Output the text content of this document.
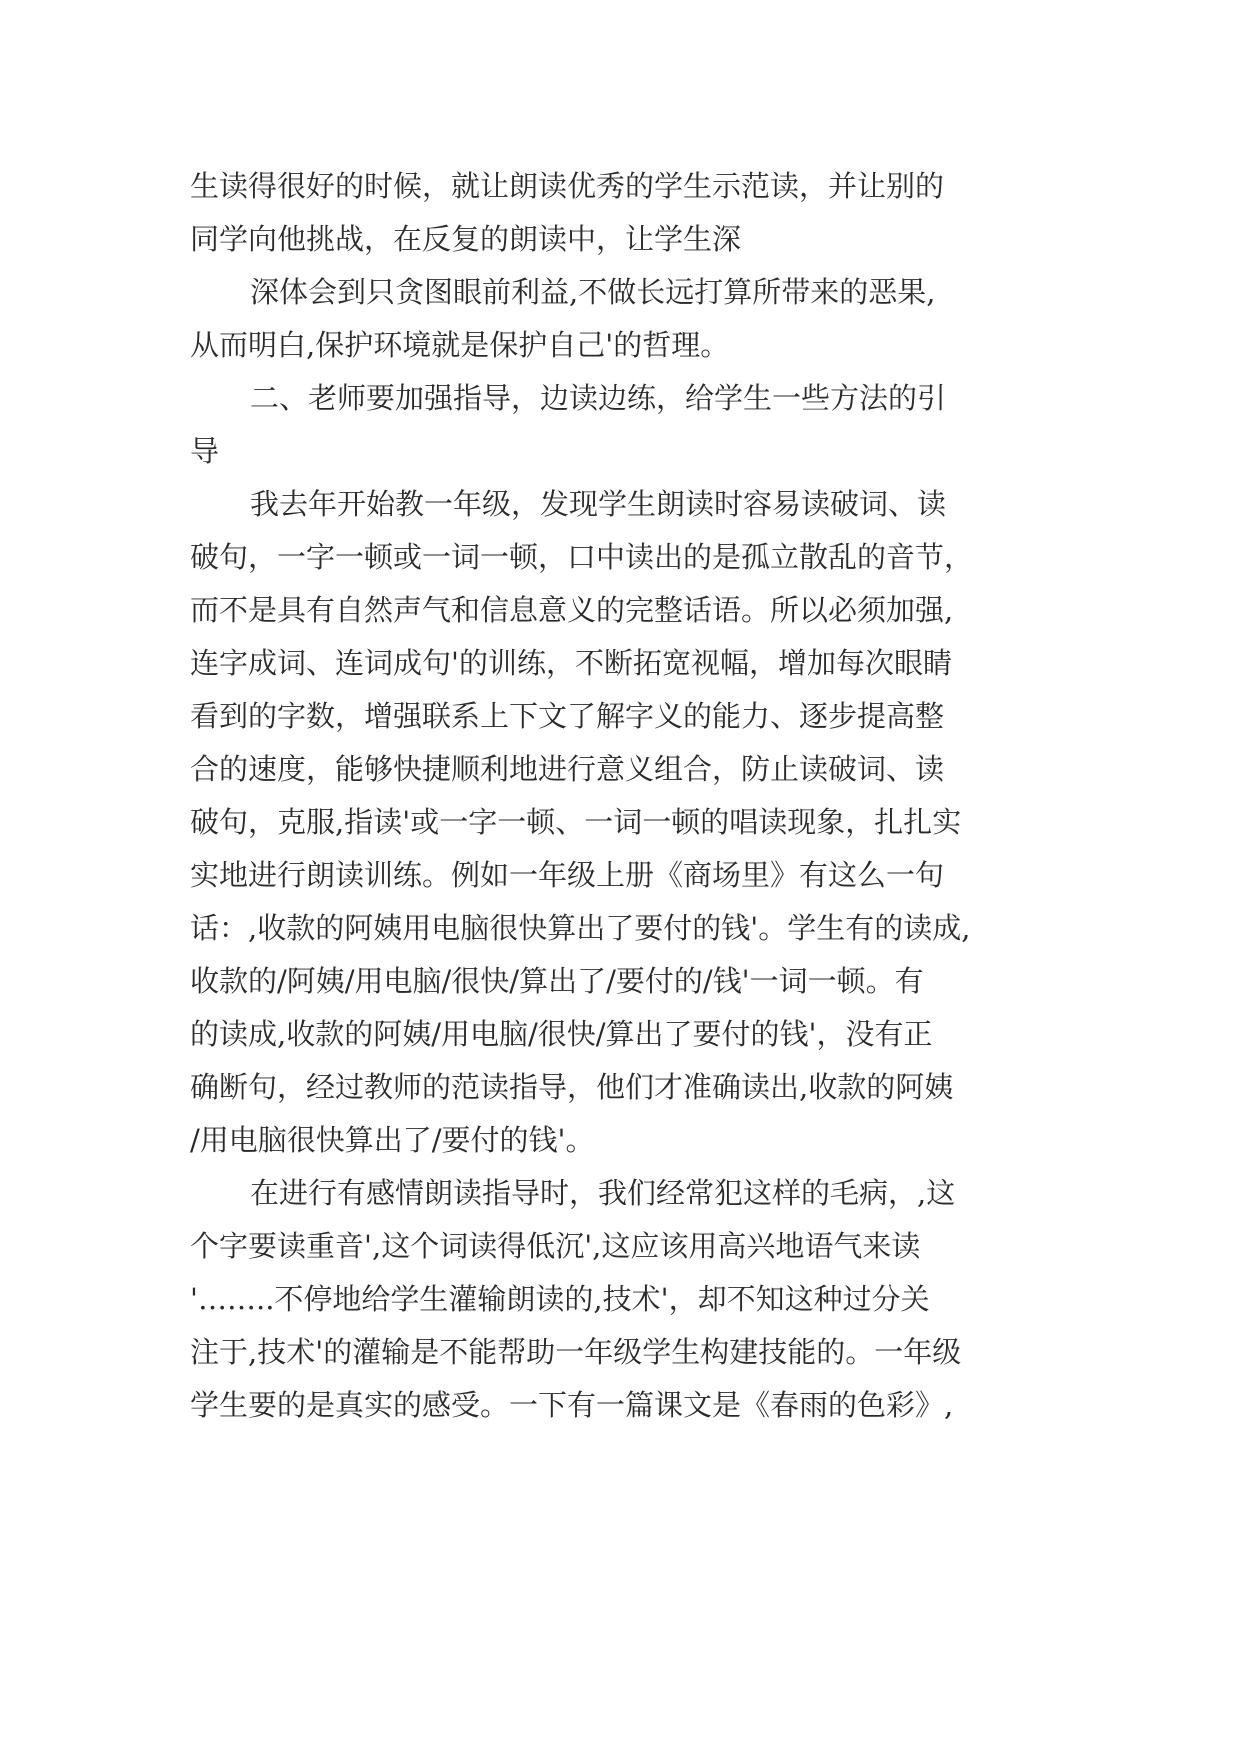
生读得很好的时候，就让朗读优秀的学生示范读，并让别的
同学向他挑战，在反复的朗读中，让学生深
深体会到只贪图眼前利益,不做长远打算所带来的恶果,
从而明白,保护环境就是保护自己'的哲理。
二、老师要加强指导，边读边练，给学生一些方法的引
导
我去年开始教一年级，发现学生朗读时容易读破词、读
破句，一字一顿或一词一顿，口中读出的是孤立散乱的音节，
而不是具有自然声气和信息意义的完整话语。所以必须加强,
连字成词、连词成句'的训练，不断拓宽视幅，增加每次眼睛
看到的字数，增强联系上下文了解字义的能力、逐步提高整
合的速度，能够快捷顺利地进行意义组合，防止读破词、读
破句，克服,指读'或一字一顿、一词一顿的唱读现象，扎扎实
实地进行朗读训练。例如一年级上册《商场里》有这么一句
话：,收款的阿姨用电脑很快算出了要付的钱'。学生有的读成,
收款的/阿姨/用电脑/很快/算出了/要付的/钱'一词一顿。有
的读成,收款的阿姨/用电脑/很快/算出了要付的钱'，没有正
确断句，经过教师的范读指导，他们才准确读出,收款的阿姨
/用电脑很快算出了/要付的钱'。
在进行有感情朗读指导时，我们经常犯这样的毛病，,这
个字要读重音',这个词读得低沉',这应该用高兴地语气来读
'……..不停地给学生灌输朗读的,技术'，却不知这种过分关
注于,技术'的灌输是不能帮助一年级学生构建技能的。一年级
学生要的是真实的感受。一下有一篇课文是《春雨的色彩》,
